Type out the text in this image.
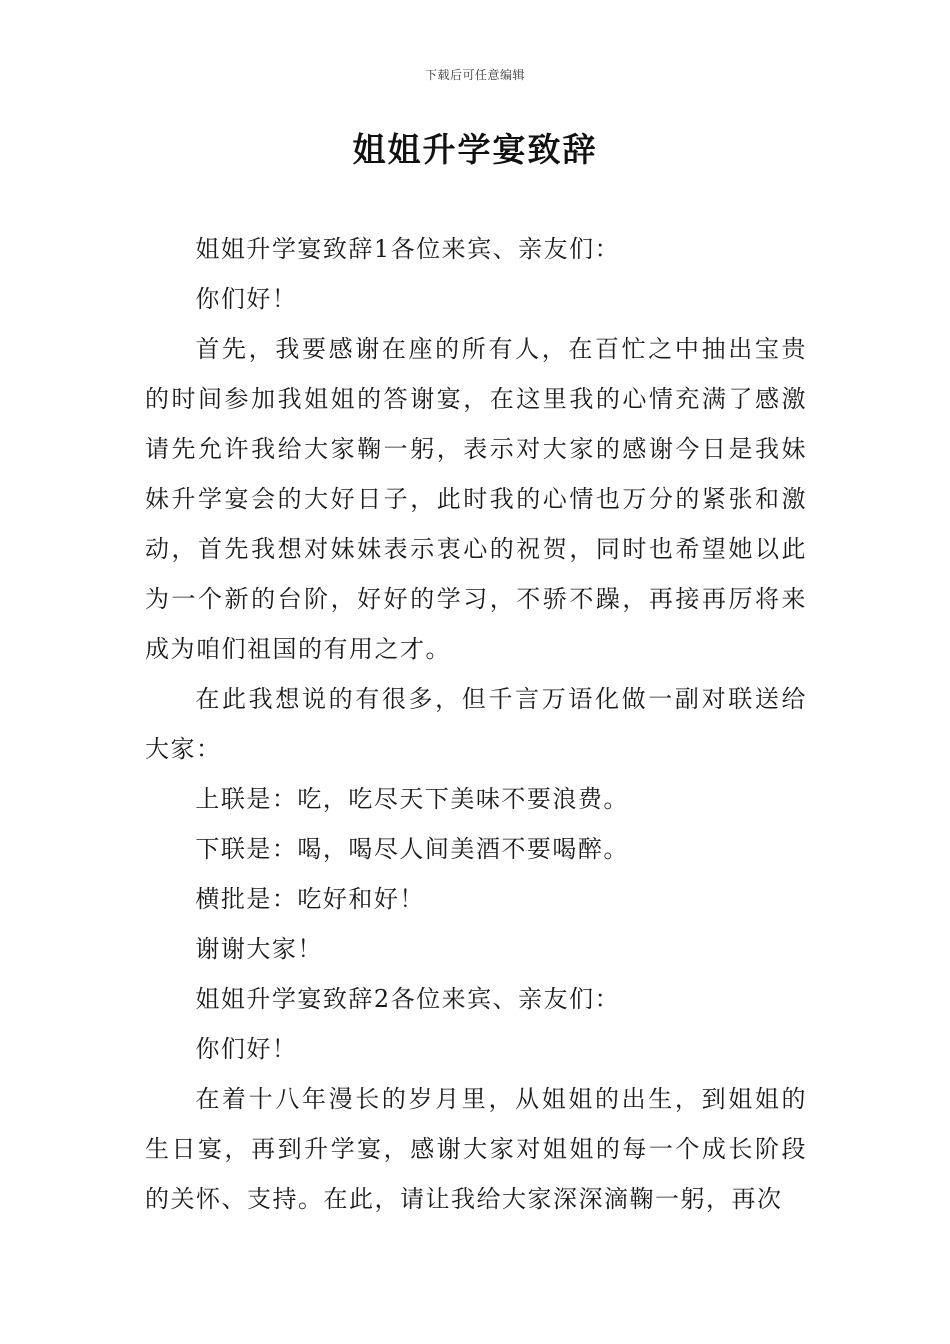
下载后可任意编辑
姐姐升学宴致辞

姐姐升学宴致辞1各位来宾、亲友们：

你们好！

首先，我要感谢在座的所有人，在百忙之中抽出宝贵的时间参加我姐姐的答谢宴，在这里我的心情充满了感激请先允许我给大家鞠一躬，表示对大家的感谢今日是我妹妹升学宴会的大好日子，此时我的心情也万分的紧张和激动，首先我想对妹妹表示衷心的祝贺，同时也希望她以此为一个新的台阶，好好的学习，不骄不躁，再接再厉将来成为咱们祖国的有用之才。

在此我想说的有很多，但千言万语化做一副对联送给大家：

上联是：吃，吃尽天下美味不要浪费。

下联是：喝，喝尽人间美酒不要喝醉。

横批是：吃好和好！

谢谢大家！

姐姐升学宴致辞2各位来宾、亲友们：

你们好！

在着十八年漫长的岁月里，从姐姐的出生，到姐姐的生日宴，再到升学宴，感谢大家对姐姐的每一个成长阶段的关怀、支持。在此，请让我给大家深深滴鞠一躬，再次
